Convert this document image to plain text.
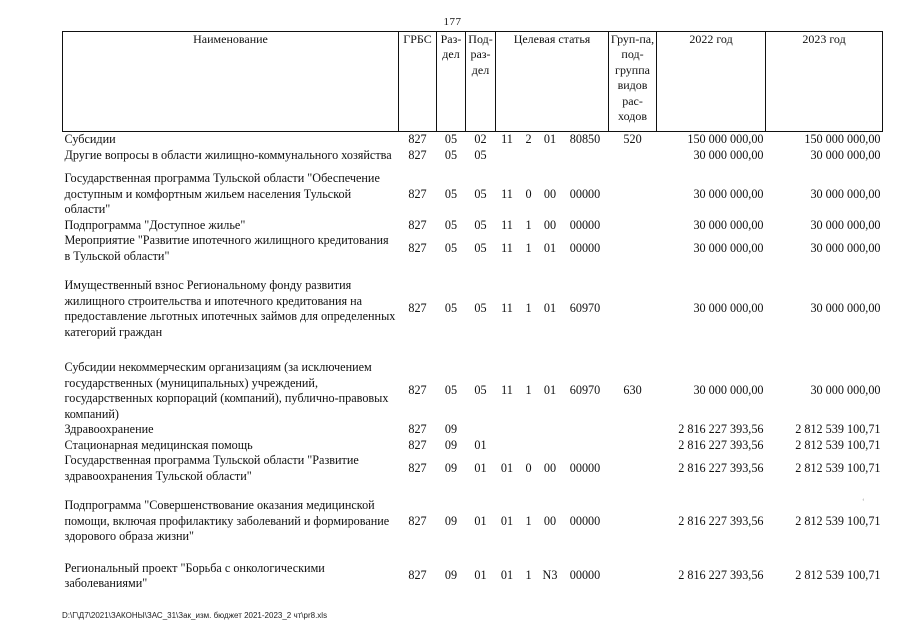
177
Наименование	ГРБС	Раз-дел	Под-раз-дел	Целевая статья				Груп-па, под-группа видов рас-ходов	2022 год	2023 год
Субсидии	827	05	02	11	2	01	80850	520	150 000 000,00	150 000 000,00
Другие вопросы в области жилищно-коммунального хозяйства	827	05	05						30 000 000,00	30 000 000,00
Государственная программа Тульской области "Обеспечение доступным и комфортным жильем населения Тульской области"	827	05	05	11	0	00	00000		30 000 000,00	30 000 000,00
Подпрограмма "Доступное жилье"	827	05	05	11	1	00	00000		30 000 000,00	30 000 000,00
Мероприятие "Развитие ипотечного жилищного кредитования в Тульской области"	827	05	05	11	1	01	00000		30 000 000,00	30 000 000,00
Имущественный взнос Региональному фонду развития жилищного строительства и ипотечного кредитования на предоставление льготных ипотечных займов для определенных категорий граждан	827	05	05	11	1	01	60970		30 000 000,00	30 000 000,00
Субсидии некоммерческим организациям (за исключением государственных (муниципальных) учреждений, государственных корпораций (компаний), публично-правовых компаний)	827	05	05	11	1	01	60970	630	30 000 000,00	30 000 000,00
Здравоохранение	827	09							2 816 227 393,56	2 812 539 100,71
Стационарная медицинская помощь	827	09	01						2 816 227 393,56	2 812 539 100,71
Государственная программа Тульской области "Развитие здравоохранения Тульской области"	827	09	01	01	0	00	00000		2 816 227 393,56	2 812 539 100,71
Подпрограмма "Совершенствование оказания медицинской помощи, включая профилактику заболеваний и формирование здорового образа жизни"	827	09	01	01	1	00	00000		2 816 227 393,56	2 812 539 100,71
Региональный проект "Борьба с онкологическими заболеваниями"	827	09	01	01	1	N3	00000		2 816 227 393,56	2 812 539 100,71
‘
D:\Г\Д7\2021\ЗАКОНЫ\ЗАС_31\Зак_изм. бюджет 2021-2023_2 чт\pr8.xls
